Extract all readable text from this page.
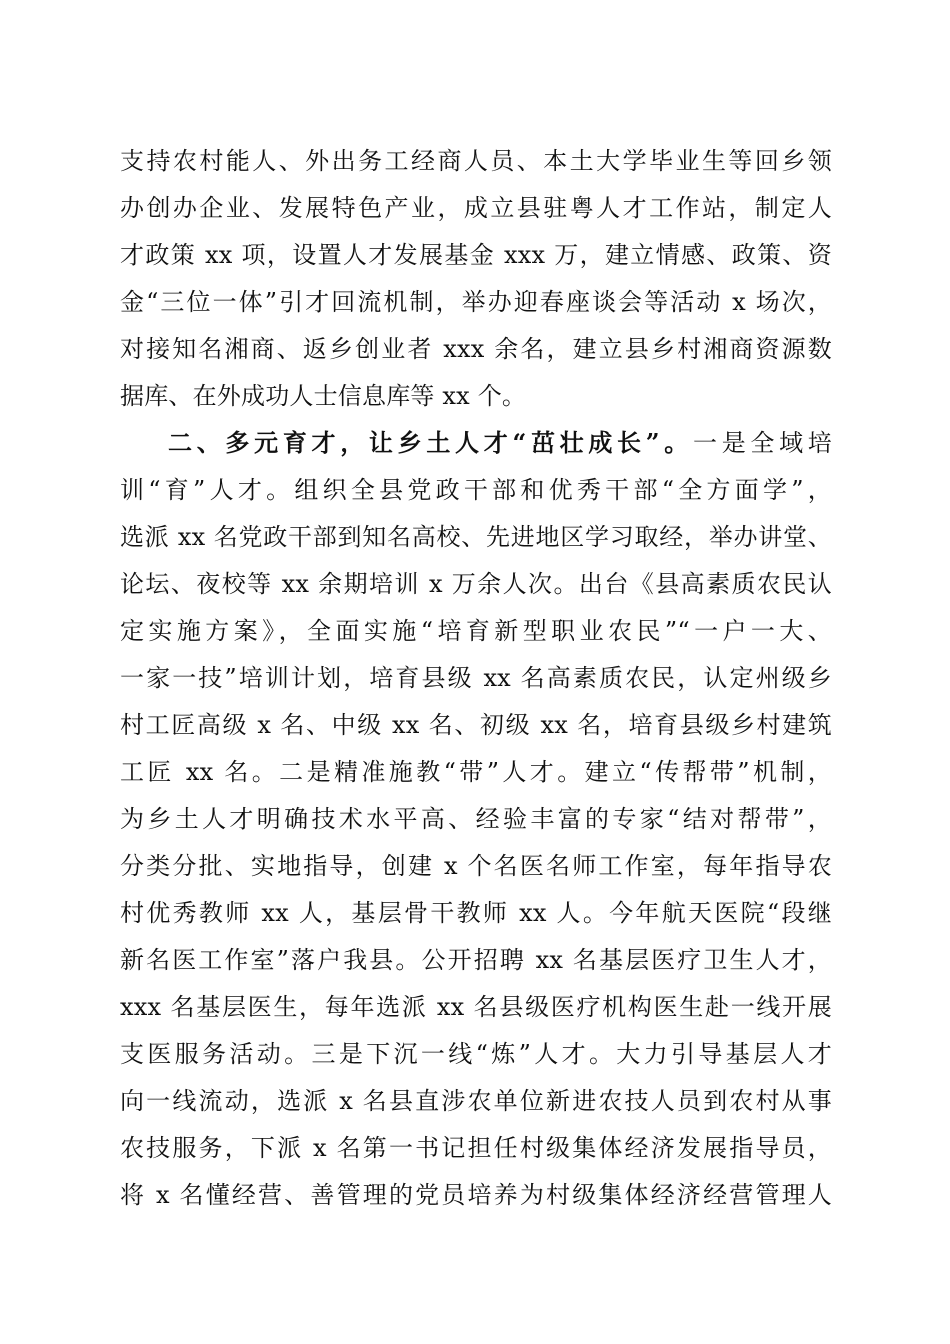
支持农村能人、外出务工经商人员、本土大学毕业生等回乡领
办创办企业、发展特色产业，成立县驻粤人才工作站，制定人
才政策 xx 项，设置人才发展基金 xxx 万，建立情感、政策、资
金“三位一体”引才回流机制，举办迎春座谈会等活动 x 场次，
对接知名湘商、返乡创业者 xxx 余名，建立县乡村湘商资源数
据库、在外成功人士信息库等 xx 个。
二、多元育才，让乡土人才“茁壮成长”。一是全域培
训“育”人才。组织全县党政干部和优秀干部“全方面学”，
选派 xx 名党政干部到知名高校、先进地区学习取经，举办讲堂、
论坛、夜校等 xx 余期培训 x 万余人次。出台《县高素质农民认
定实施方案》，全面实施“培育新型职业农民”“一户一大、
一家一技”培训计划，培育县级 xx 名高素质农民，认定州级乡
村工匠高级 x 名、中级 xx 名、初级 xx 名，培育县级乡村建筑
工匠 xx 名。二是精准施教“带”人才。建立“传帮带”机制，
为乡土人才明确技术水平高、经验丰富的专家“结对帮带”，
分类分批、实地指导，创建 x 个名医名师工作室，每年指导农
村优秀教师 xx 人，基层骨干教师 xx 人。今年航天医院“段继
新名医工作室”落户我县。公开招聘 xx 名基层医疗卫生人才，
xxx 名基层医生，每年选派 xx 名县级医疗机构医生赴一线开展
支医服务活动。三是下沉一线“炼”人才。大力引导基层人才
向一线流动，选派 x 名县直涉农单位新进农技人员到农村从事
农技服务，下派 x 名第一书记担任村级集体经济发展指导员，
将 x 名懂经营、善管理的党员培养为村级集体经济经营管理人
